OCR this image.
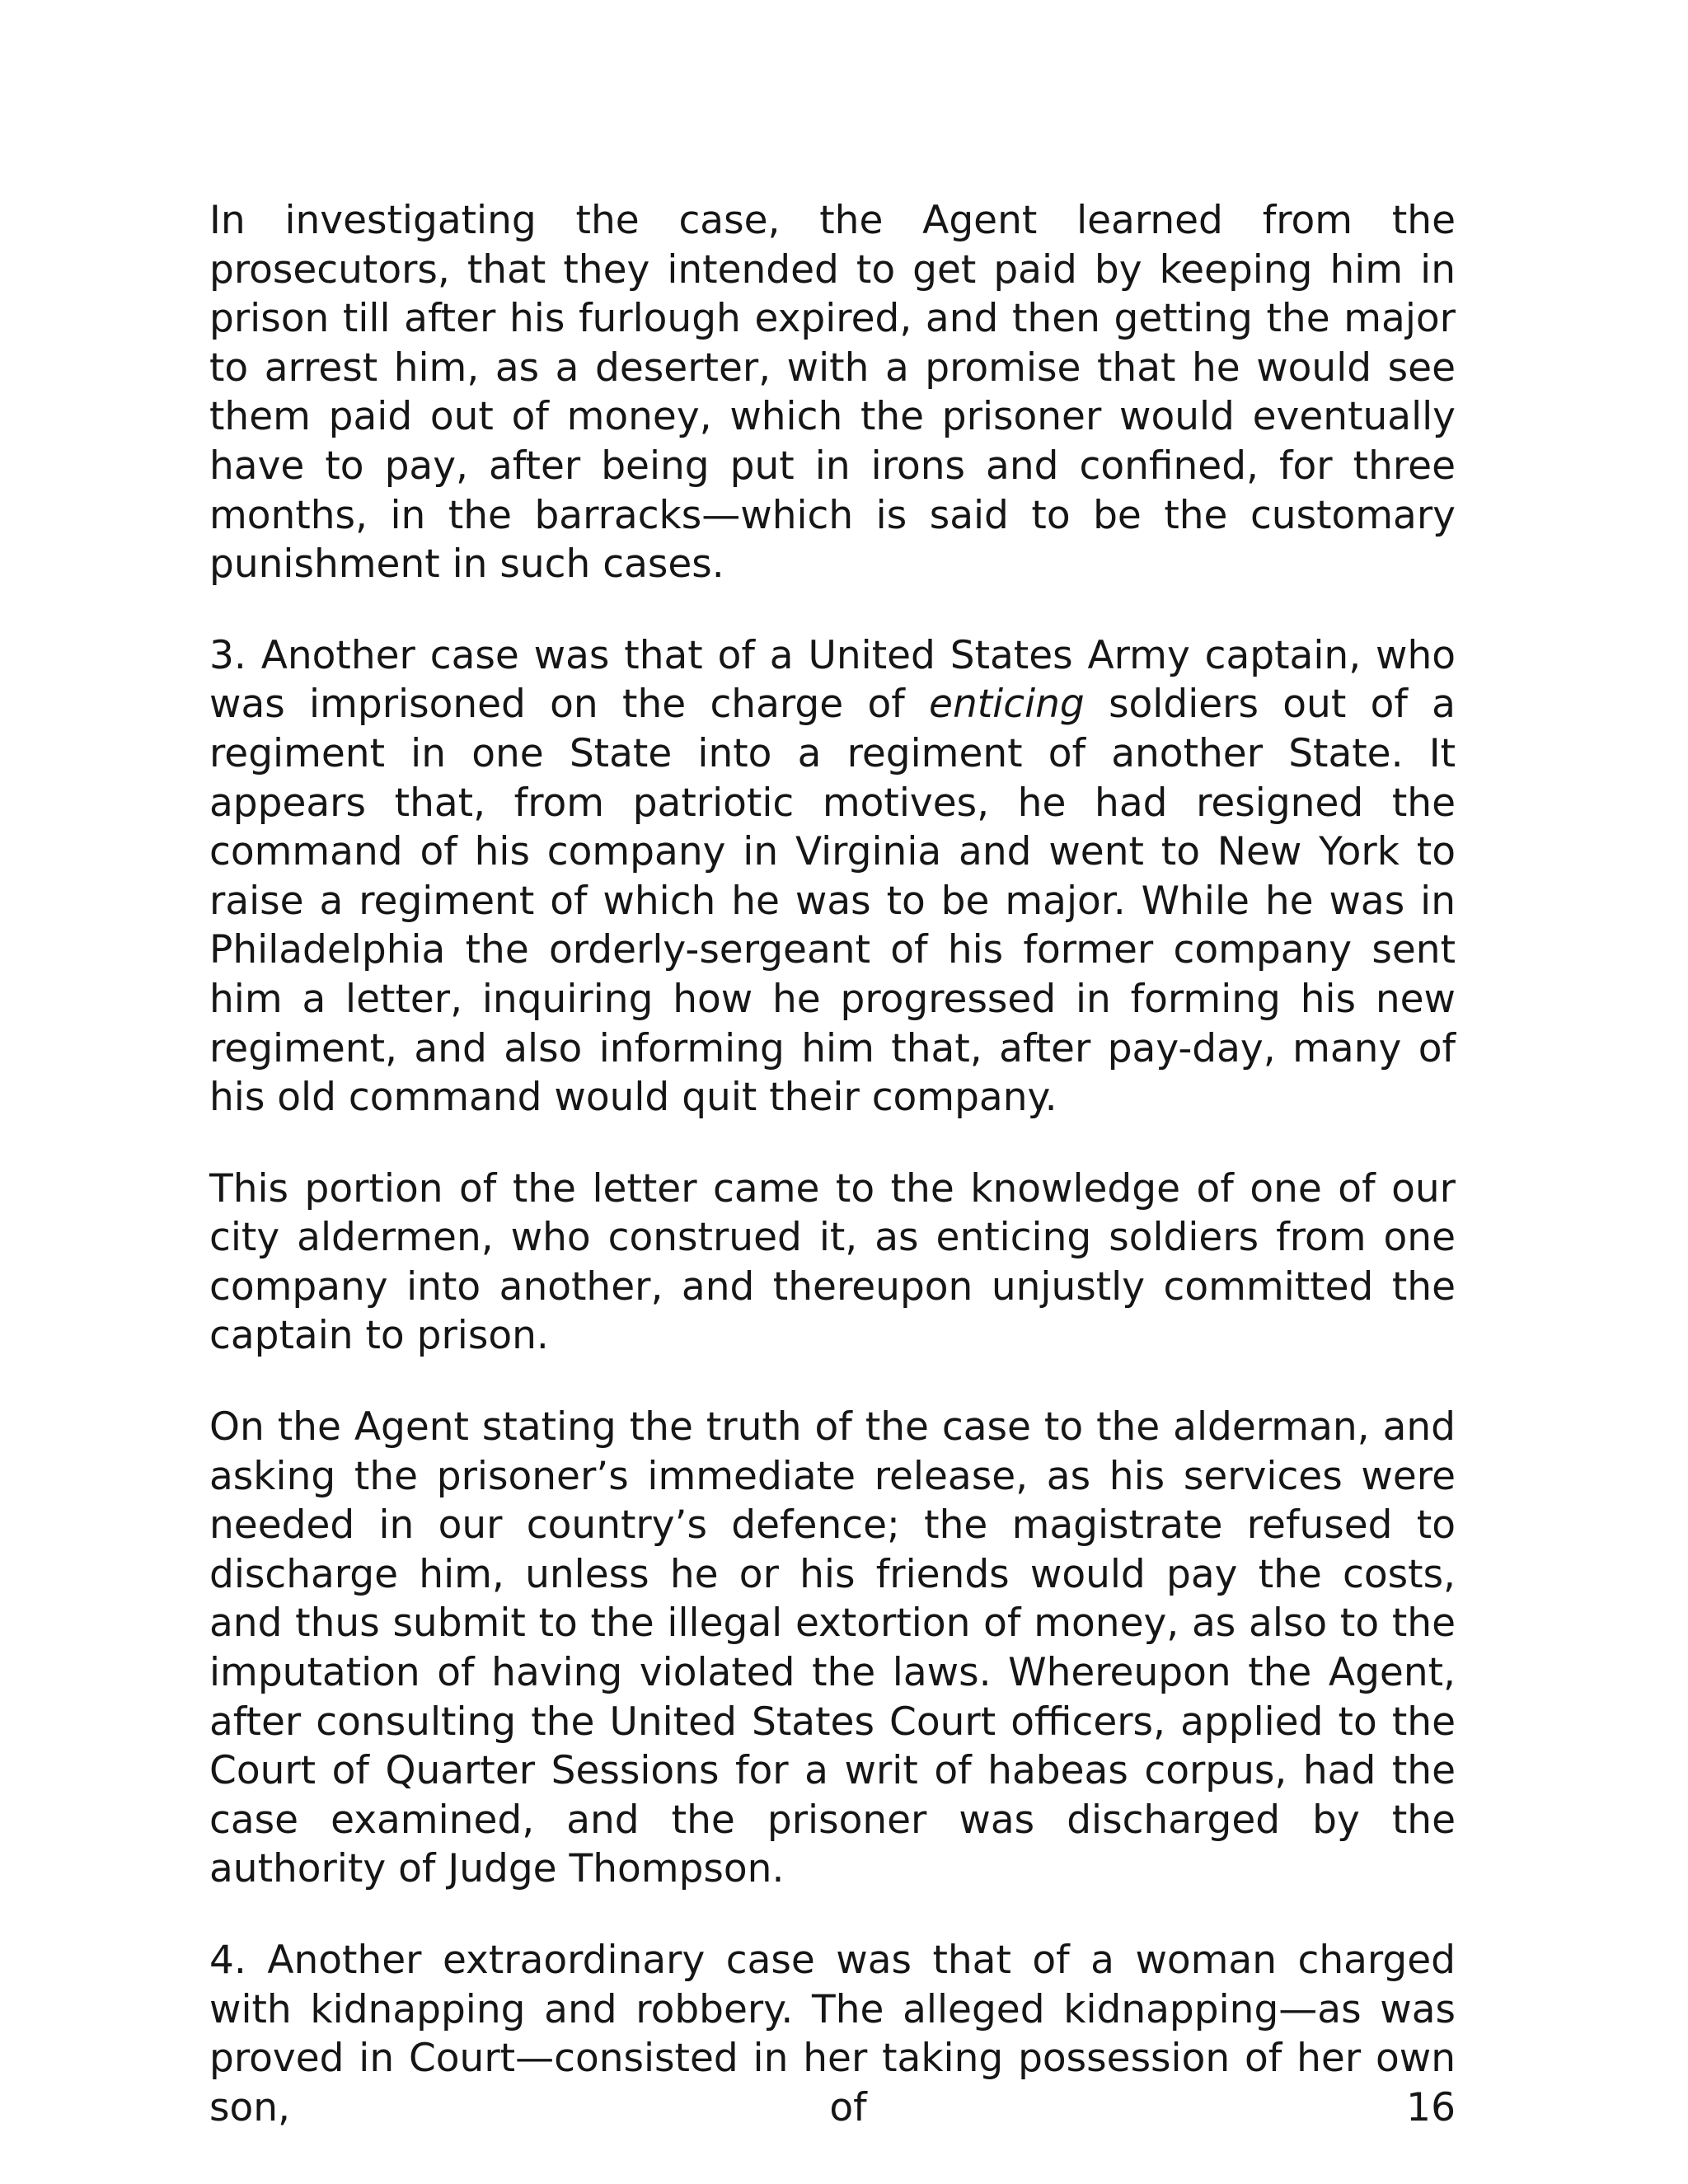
In investigating the case, the Agent learned from the prosecutors, that they intended to get paid by keeping him in prison till after his furlough expired, and then getting the major to arrest him, as a deserter, with a promise that he would see them paid out of money, which the prisoner would eventually have to pay, after being put in irons and confined, for three months, in the barracks—which is said to be the customary punishment in such cases.

3. Another case was that of a United States Army captain, who was imprisoned on the charge of enticing soldiers out of a regiment in one State into a regiment of another State. It appears that, from patriotic motives, he had resigned the command of his company in Virginia and went to New York to raise a regiment of which he was to be major. While he was in Philadelphia the orderly-sergeant of his former company sent him a letter, inquiring how he progressed in forming his new regiment, and also informing him that, after pay-day, many of his old command would quit their company.

This portion of the letter came to the knowledge of one of our city aldermen, who construed it, as enticing soldiers from one company into another, and thereupon unjustly committed the captain to prison.

On the Agent stating the truth of the case to the alderman, and asking the prisoner’s immediate release, as his services were needed in our country’s defence; the magistrate refused to discharge him, unless he or his friends would pay the costs, and thus submit to the illegal extortion of money, as also to the imputation of having violated the laws. Whereupon the Agent, after consulting the United States Court officers, applied to the Court of Quarter Sessions for a writ of habeas corpus, had the case examined, and the prisoner was discharged by the authority of Judge Thompson.

4. Another extraordinary case was that of a woman charged with kidnapping and robbery. The alleged kidnapping—as was proved in Court—consisted in her taking possession of her own son, of 16
